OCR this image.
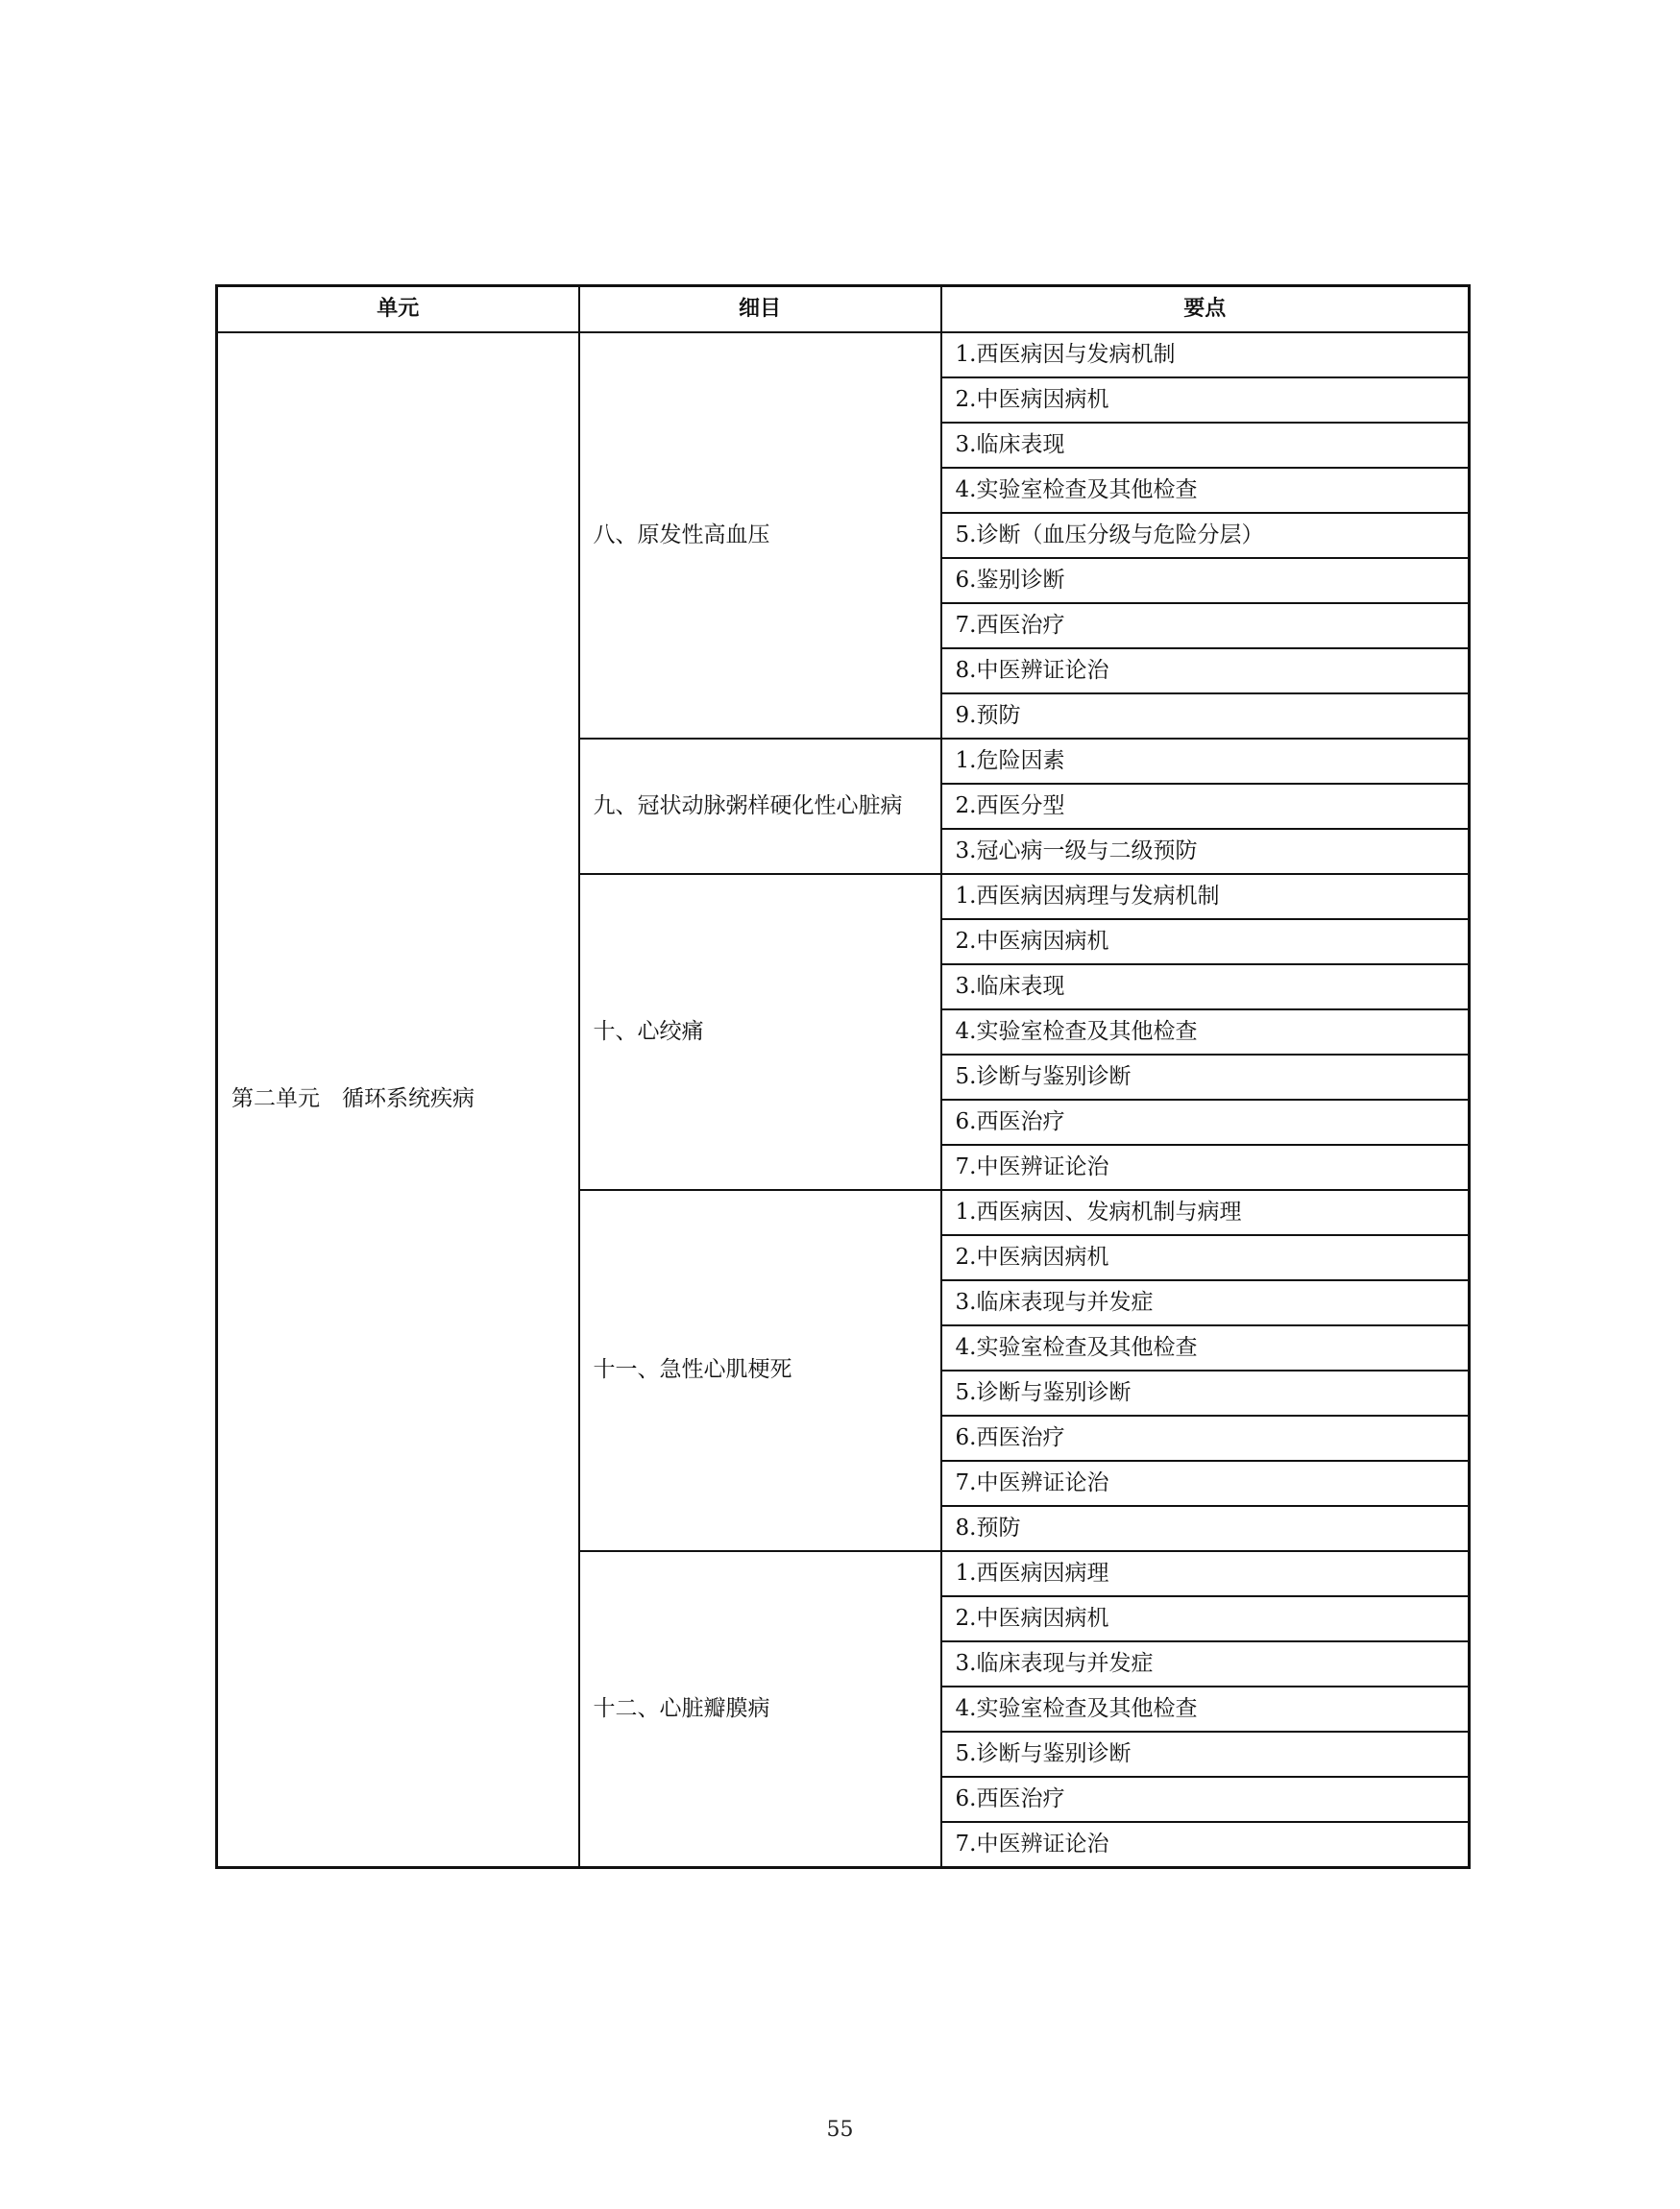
单元	细目	要点
第二单元　循环系统疾病	八、原发性高血压	1.西医病因与发病机制
		2.中医病因病机
		3.临床表现
		4.实验室检查及其他检查
		5.诊断（血压分级与危险分层）
		6.鉴别诊断
		7.西医治疗
		8.中医辨证论治
		9.预防
	九、冠状动脉粥样硬化性心脏病	1.危险因素
		2.西医分型
		3.冠心病一级与二级预防
	十、心绞痛	1.西医病因病理与发病机制
		2.中医病因病机
		3.临床表现
		4.实验室检查及其他检查
		5.诊断与鉴别诊断
		6.西医治疗
		7.中医辨证论治
	十一、急性心肌梗死	1.西医病因、发病机制与病理
		2.中医病因病机
		3.临床表现与并发症
		4.实验室检查及其他检查
		5.诊断与鉴别诊断
		6.西医治疗
		7.中医辨证论治
		8.预防
	十二、心脏瓣膜病	1.西医病因病理
		2.中医病因病机
		3.临床表现与并发症
		4.实验室检查及其他检查
		5.诊断与鉴别诊断
		6.西医治疗
		7.中医辨证论治
55
